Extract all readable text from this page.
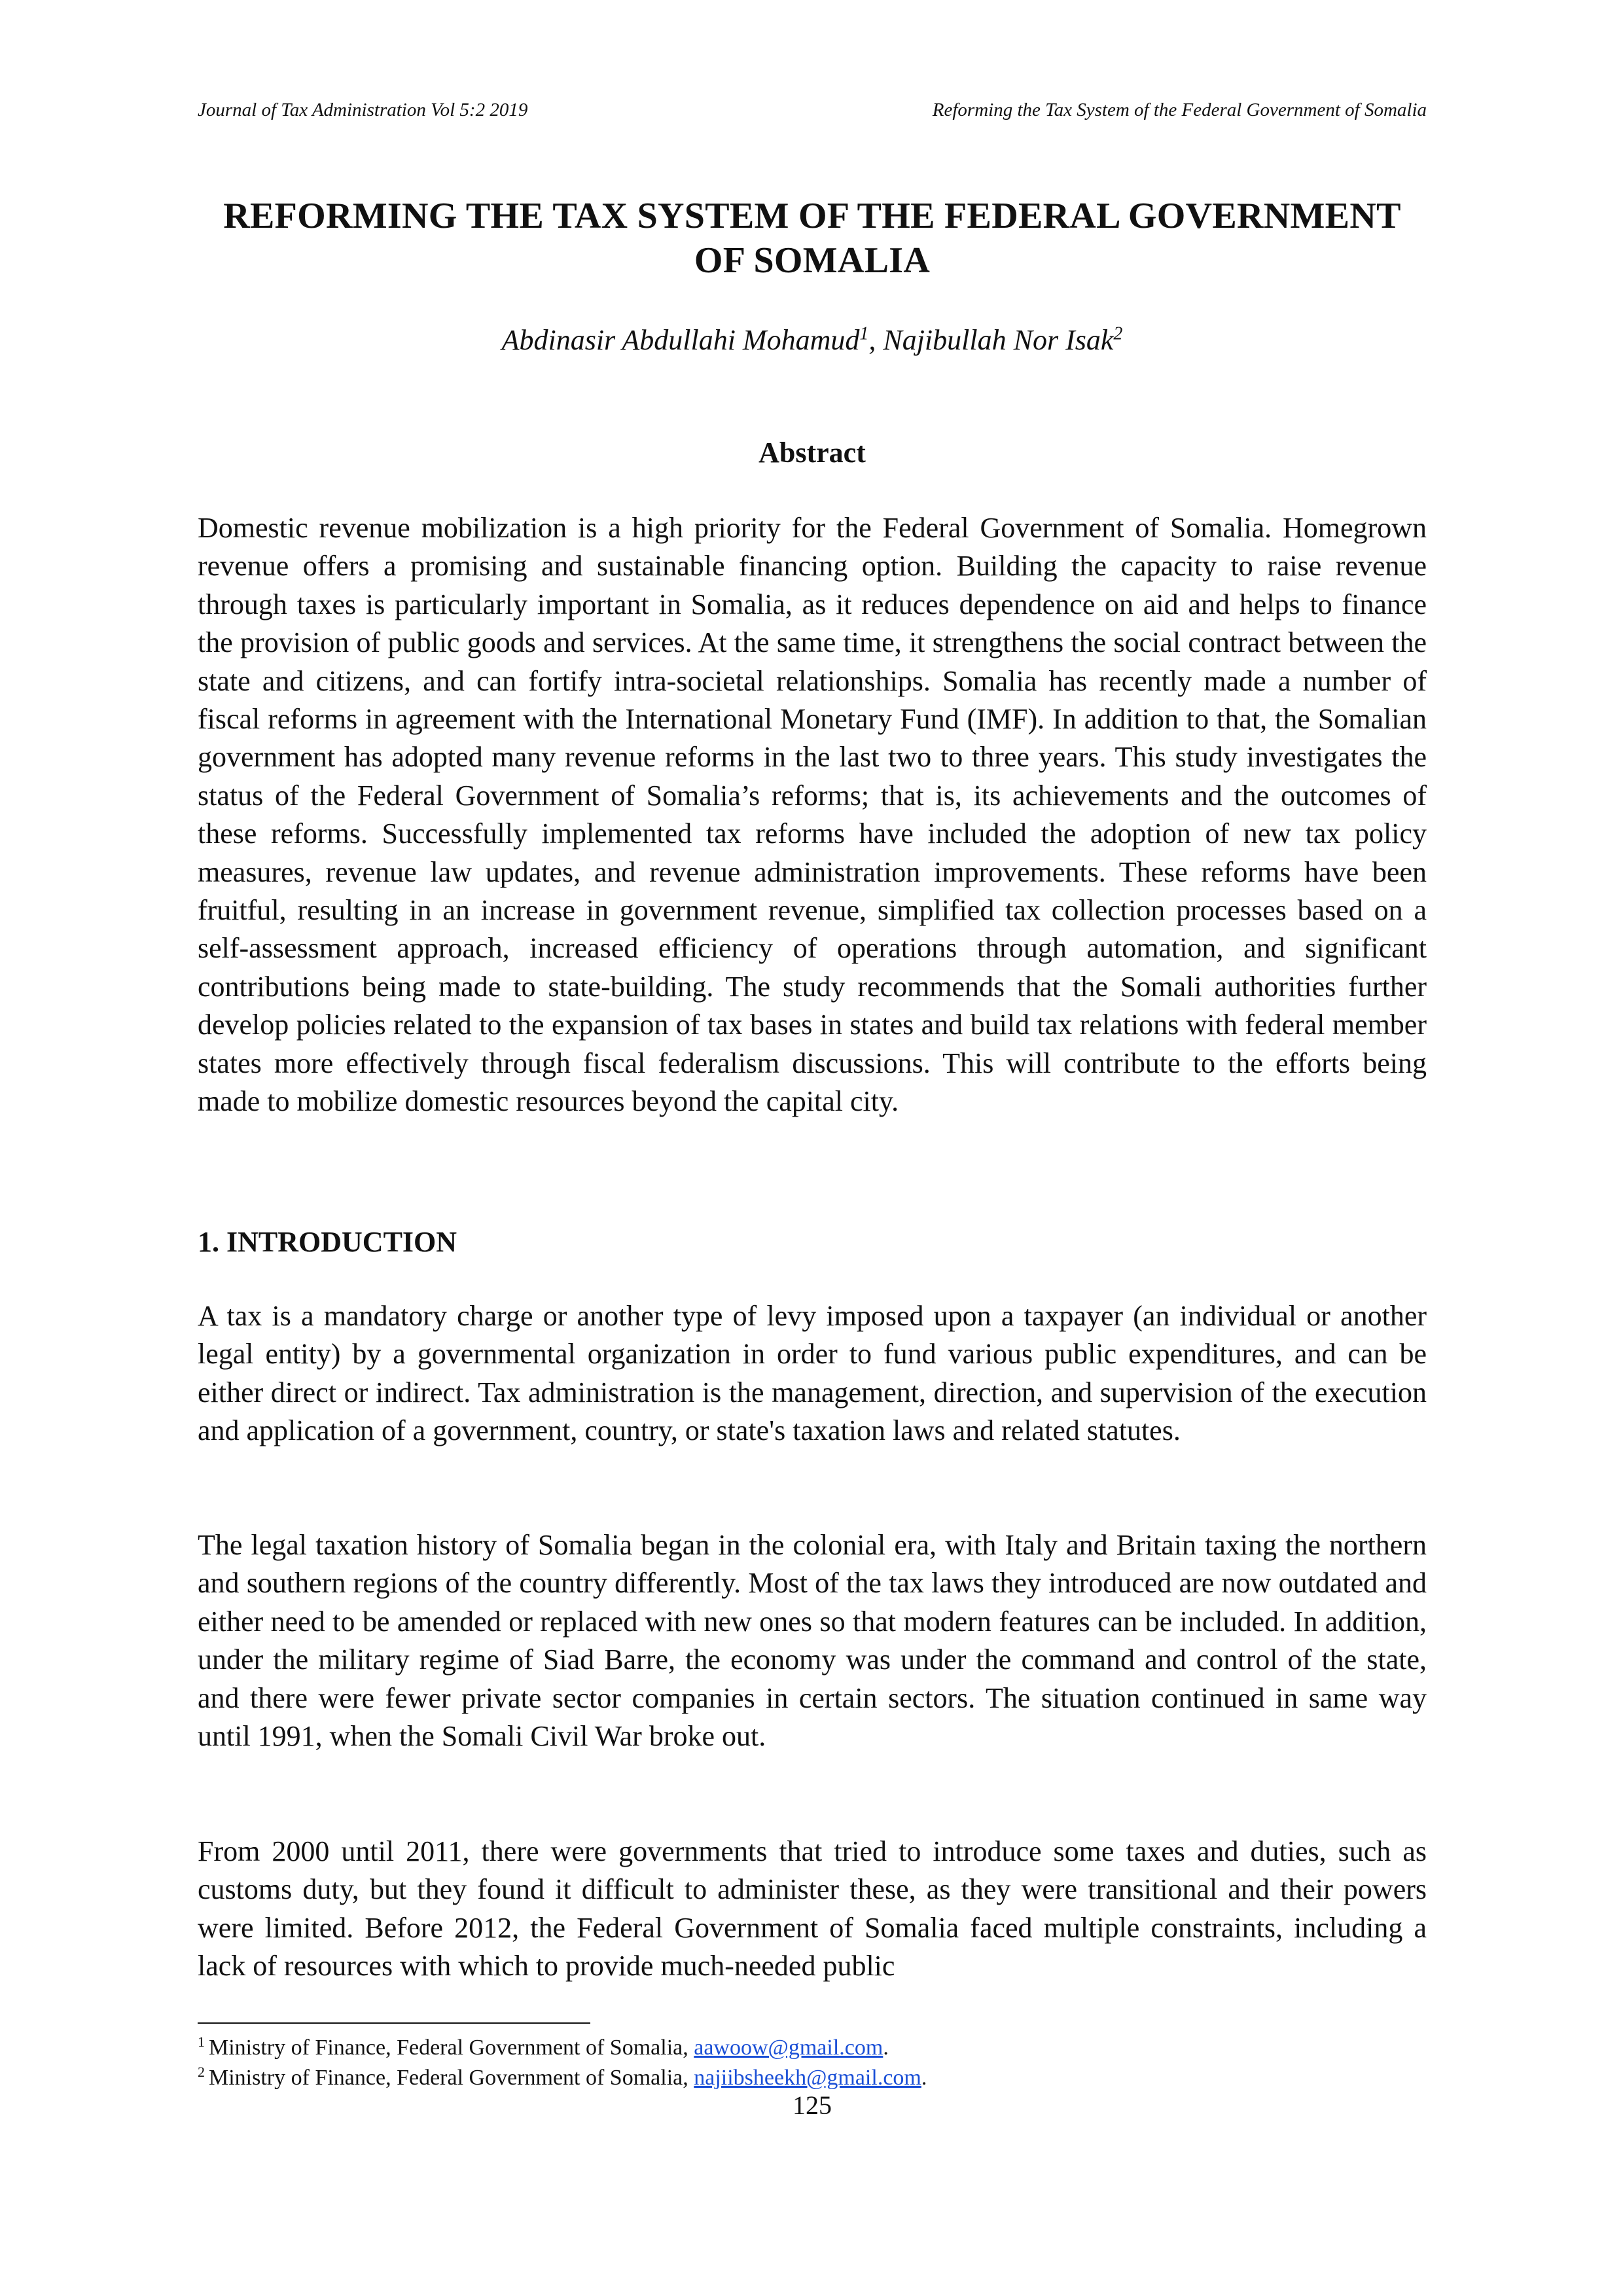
Journal of Tax Administration Vol 5:2 2019	Reforming the Tax System of the Federal Government of Somalia
REFORMING THE TAX SYSTEM OF THE FEDERAL GOVERNMENT
OF SOMALIA
Abdinasir Abdullahi Mohamud$^1$, Najibullah Nor Isak$^2$
Abstract

Domestic revenue mobilization is a high priority for the Federal Government of Somalia. Homegrown revenue offers a promising and sustainable financing option. Building the capacity to raise revenue through taxes is particularly important in Somalia, as it reduces dependence on aid and helps to finance the provision of public goods and services. At the same time, it strengthens the social contract between the state and citizens, and can fortify intra-societal relationships. Somalia has recently made a number of fiscal reforms in agreement with the International Monetary Fund (IMF). In addition to that, the Somalian government has adopted many revenue reforms in the last two to three years. This study investigates the status of the Federal Government of Somalia’s reforms; that is, its achievements and the outcomes of these reforms. Successfully implemented tax reforms have included the adoption of new tax policy measures, revenue law updates, and revenue administration improvements. These reforms have been fruitful, resulting in an increase in government revenue, simplified tax collection processes based on a self-assessment approach, increased efficiency of operations through automation, and significant contributions being made to state-building. The study recommends that the Somali authorities further develop policies related to the expansion of tax bases in states and build tax relations with federal member states more effectively through fiscal federalism discussions. This will contribute to the efforts being made to mobilize domestic resources beyond the capital city.

1. INTRODUCTION

A tax is a mandatory charge or another type of levy imposed upon a taxpayer (an individual or another legal entity) by a governmental organization in order to fund various public expenditures, and can be either direct or indirect. Tax administration is the management, direction, and supervision of the execution and application of a government, country, or state's taxation laws and related statutes.

The legal taxation history of Somalia began in the colonial era, with Italy and Britain taxing the northern and southern regions of the country differently. Most of the tax laws they introduced are now outdated and either need to be amended or replaced with new ones so that modern features can be included. In addition, under the military regime of Siad Barre, the economy was under the command and control of the state, and there were fewer private sector companies in certain sectors. The situation continued in same way until 1991, when the Somali Civil War broke out.

From 2000 until 2011, there were governments that tried to introduce some taxes and duties, such as customs duty, but they found it difficult to administer these, as they were transitional and their powers were limited. Before 2012, the Federal Government of Somalia faced multiple constraints, including a lack of resources with which to provide much-needed public

$^1$ Ministry of Finance, Federal Government of Somalia, aawoow@gmail.com.
$^2$ Ministry of Finance, Federal Government of Somalia, najiibsheekh@gmail.com.
125
